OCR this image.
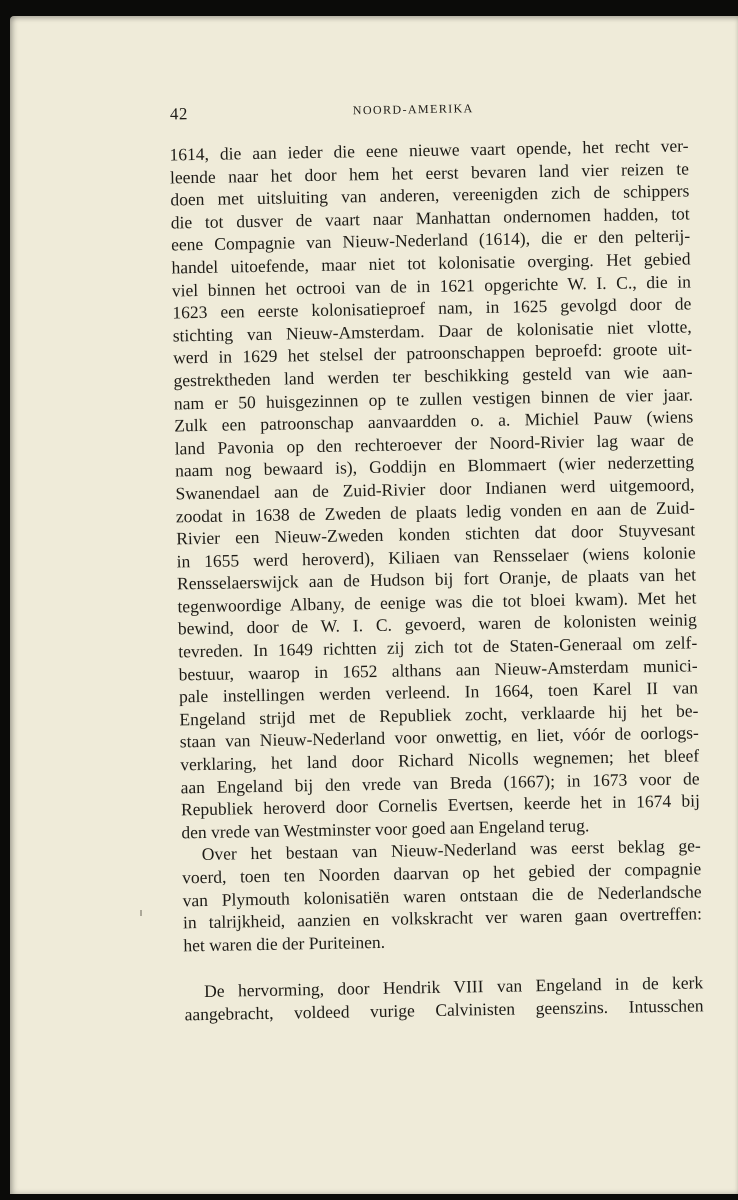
42	NOORD-AMERIKA
1614, die aan ieder die eene nieuwe vaart opende, het recht ver-
leende naar het door hem het eerst bevaren land vier reizen te
doen met uitsluiting van anderen, vereenigden zich de schippers
die tot dusver de vaart naar Manhattan ondernomen hadden, tot
eene Compagnie van Nieuw-Nederland (1614), die er den pelterij-
handel uitoefende, maar niet tot kolonisatie overging. Het gebied
viel binnen het octrooi van de in 1621 opgerichte W. I. C., die in
1623 een eerste kolonisatieproef nam, in 1625 gevolgd door de
stichting van Nieuw-Amsterdam. Daar de kolonisatie niet vlotte,
werd in 1629 het stelsel der patroonschappen beproefd: groote uit-
gestrektheden land werden ter beschikking gesteld van wie aan-
nam er 50 huisgezinnen op te zullen vestigen binnen de vier jaar.
Zulk een patroonschap aanvaardden o. a. Michiel Pauw (wiens
land Pavonia op den rechteroever der Noord-Rivier lag waar de
naam nog bewaard is), Goddijn en Blommaert (wier nederzetting
Swanendael aan de Zuid-Rivier door Indianen werd uitgemoord,
zoodat in 1638 de Zweden de plaats ledig vonden en aan de Zuid-
Rivier een Nieuw-Zweden konden stichten dat door Stuyvesant
in 1655 werd heroverd), Kiliaen van Rensselaer (wiens kolonie
Rensselaerswijck aan de Hudson bij fort Oranje, de plaats van het
tegenwoordige Albany, de eenige was die tot bloei kwam). Met het
bewind, door de W. I. C. gevoerd, waren de kolonisten weinig
tevreden. In 1649 richtten zij zich tot de Staten-Generaal om zelf-
bestuur, waarop in 1652 althans aan Nieuw-Amsterdam munici-
pale instellingen werden verleend. In 1664, toen Karel II van
Engeland strijd met de Republiek zocht, verklaarde hij het be-
staan van Nieuw-Nederland voor onwettig, en liet, vóór de oorlogs-
verklaring, het land door Richard Nicolls wegnemen; het bleef
aan Engeland bij den vrede van Breda (1667); in 1673 voor de
Republiek heroverd door Cornelis Evertsen, keerde het in 1674 bij
den vrede van Westminster voor goed aan Engeland terug.
Over het bestaan van Nieuw-Nederland was eerst beklag ge-
voerd, toen ten Noorden daarvan op het gebied der compagnie
van Plymouth kolonisatiën waren ontstaan die de Nederlandsche
in talrijkheid, aanzien en volkskracht ver waren gaan overtreffen:
het waren die der Puriteinen.
De hervorming, door Hendrik VIII van Engeland in de kerk
aangebracht, voldeed vurige Calvinisten geenszins. Intusschen
